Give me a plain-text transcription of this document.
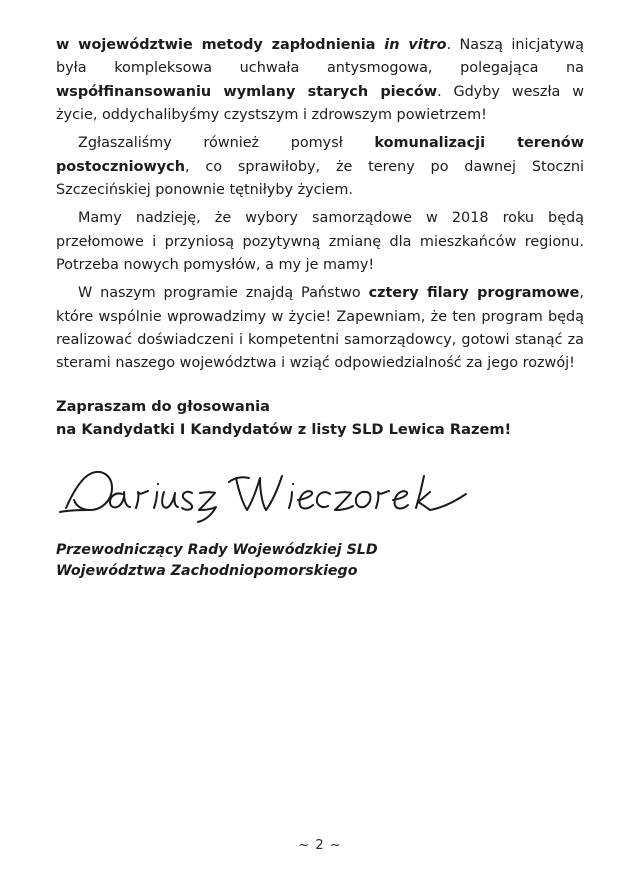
w województwie metody zapłodnienia in vitro. Naszą inicjatywą była kompleksowa uchwała antysmogowa, polegająca na współfinansowaniu wymlany starych pieców. Gdyby weszła w życie, oddychalibyśmy czystszym i zdrowszym powietrzem!

Zgłaszaliśmy również pomysł komunalizacji terenów postoczniowych, co sprawiłoby, że tereny po dawnej Stoczni Szczecińskiej ponownie tętniłyby życiem.

Mamy nadzieję, że wybory samorządowe w 2018 roku będą przełomowe i przyniosą pozytywną zmianę dla mieszkańców regionu. Potrzeba nowych pomysłów, a my je mamy!

W naszym programie znajdą Państwo cztery filary programowe, które wspólnie wprowadzimy w życie! Zapewniam, że ten program będą realizować doświadczeni i kompetentni samorządowcy, gotowi stanąć za sterami naszego województwa i wziąć odpowiedzialność za jego rozwój!

Zapraszam do głosowania
na Kandydatki I Kandydatów z listy SLD Lewica Razem!
Przewodniczący Rady Wojewódzkiej SLD
Województwa Zachodniopomorskiego
~ 2 ~
